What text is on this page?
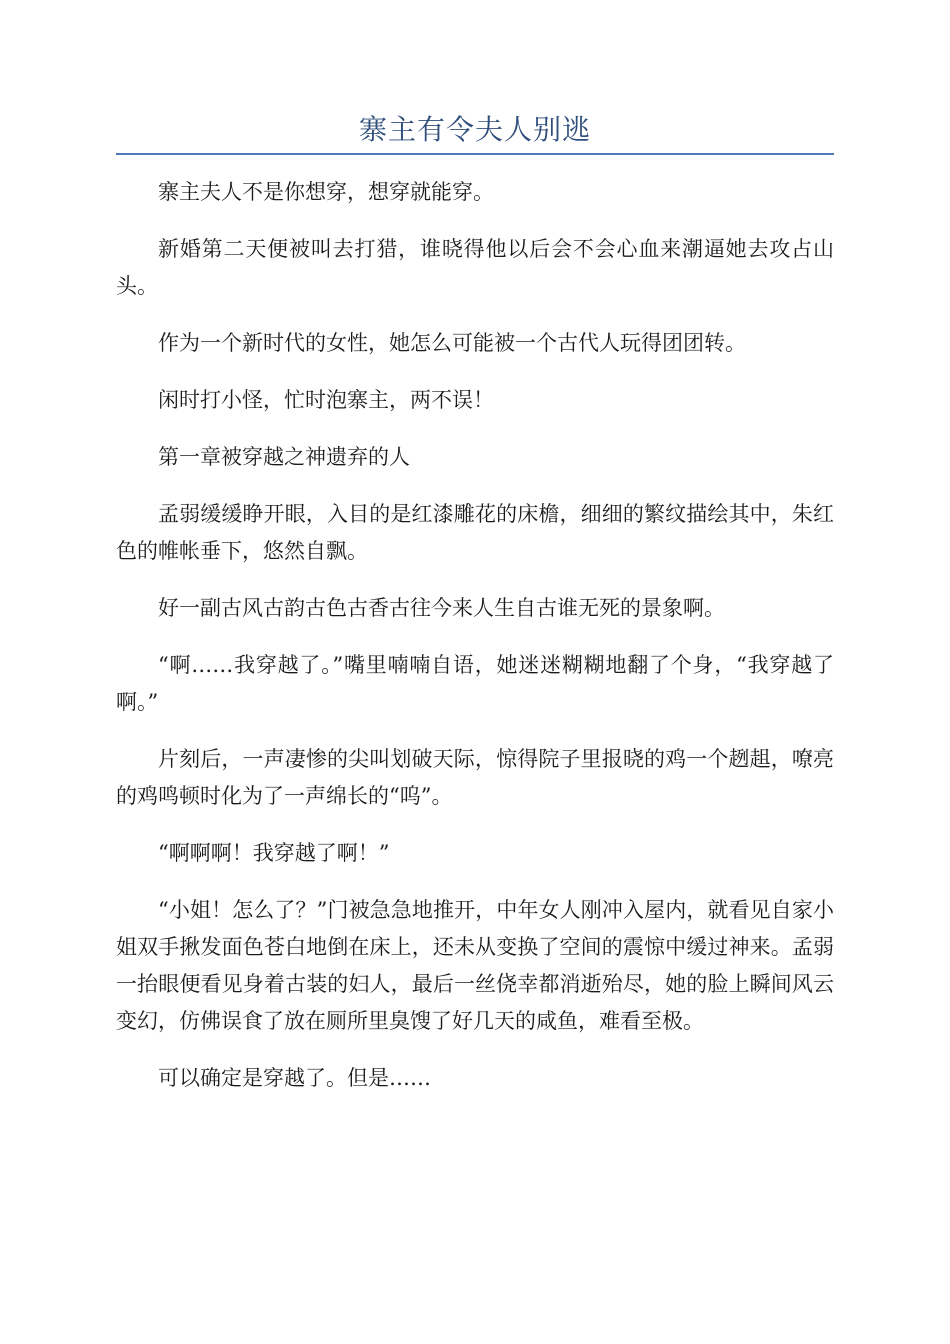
寨主有令夫人别逃

寨主夫人不是你想穿，想穿就能穿。

新婚第二天便被叫去打猎，谁晓得他以后会不会心血来潮逼她去攻占山头。

作为一个新时代的女性，她怎么可能被一个古代人玩得团团转。

闲时打小怪，忙时泡寨主，两不误！

第一章被穿越之神遗弃的人

孟弱缓缓睁开眼，入目的是红漆雕花的床檐，细细的繁纹描绘其中，朱红色的帷帐垂下，悠然自飘。

好一副古风古韵古色古香古往今来人生自古谁无死的景象啊。

“啊……我穿越了。”嘴里喃喃自语，她迷迷糊糊地翻了个身，“我穿越了啊。”

片刻后，一声凄惨的尖叫划破天际，惊得院子里报晓的鸡一个趔趄，嘹亮的鸡鸣顿时化为了一声绵长的“呜”。

“啊啊啊！我穿越了啊！”

“小姐！怎么了？”门被急急地推开，中年女人刚冲入屋内，就看见自家小姐双手揪发面色苍白地倒在床上，还未从变换了空间的震惊中缓过神来。孟弱一抬眼便看见身着古装的妇人，最后一丝侥幸都消逝殆尽，她的脸上瞬间风云变幻，仿佛误食了放在厕所里臭馊了好几天的咸鱼，难看至极。

可以确定是穿越了。但是……
